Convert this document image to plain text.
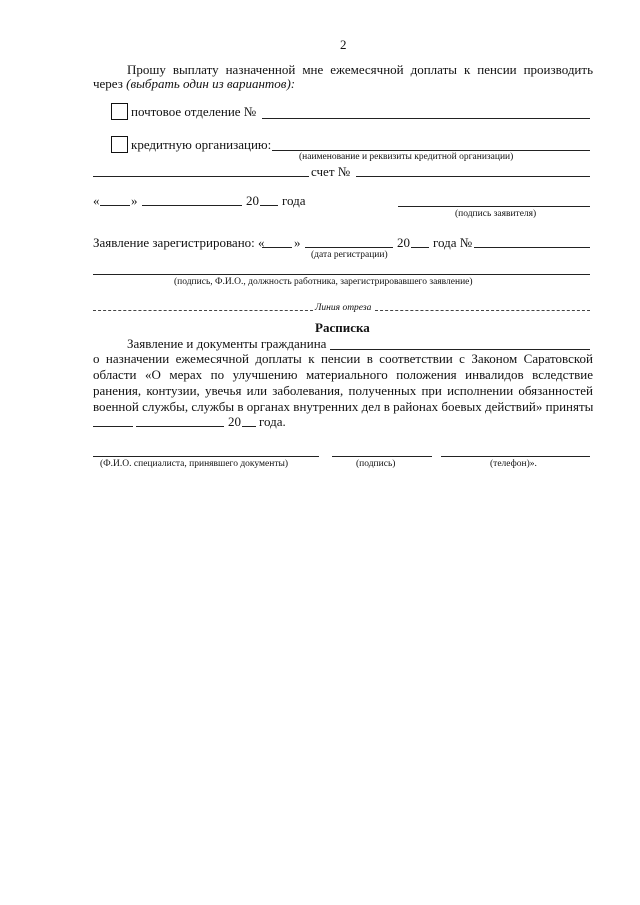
2
Прошу выплату назначенной мне ежемесячной доплаты к пенсии производить
через (выбрать один из вариантов):
почтовое отделение №
кредитную организацию:
(наименование и реквизиты кредитной организации)
счет №
« »	20 года
(подпись заявителя)
Заявление зарегистрировано: « »	20 года №
(дата регистрации)
(подпись, Ф.И.О., должность работника, зарегистрировавшего заявление)
Линия отреза
Расписка
Заявление и документы гражданина
о назначении ежемесячной доплаты к пенсии в соответствии с Законом Саратовской
области «О мерах по улучшению материального положения инвалидов вследствие
ранения, контузии, увечья или заболевания, полученных при исполнении обязанностей
военной службы, службы в органах внутренних дел в районах боевых действий» приняты
20 года.
(Ф.И.О. специалиста, принявшего документы)	(подпись)	(телефон)».
